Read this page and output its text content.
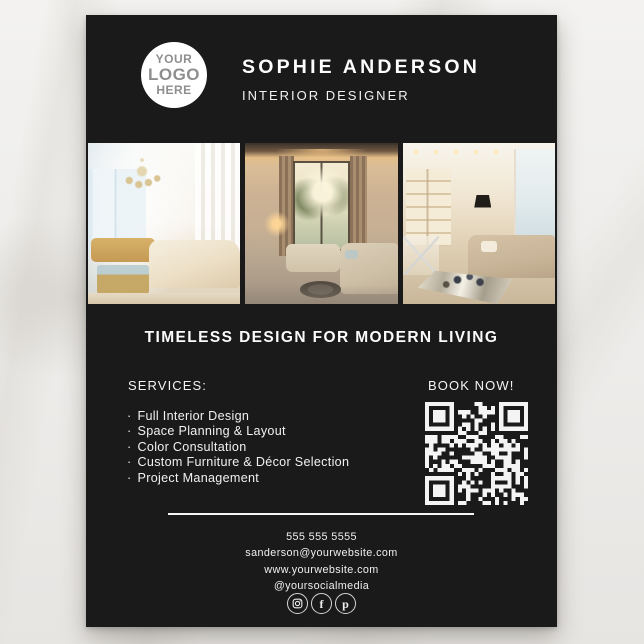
YOUR
LOGO
HERE
SOPHIE ANDERSON
INTERIOR DESIGNER
TIMELESS DESIGN FOR MODERN LIVING
SERVICES:	BOOK NOW!
· Full Interior Design
· Space Planning & Layout
· Color Consultation
· Custom Furniture & Décor Selection
· Project Management
555 555 5555
sanderson@yourwebsite.com
www.yourwebsite.com
@yoursocialmedia
f p
